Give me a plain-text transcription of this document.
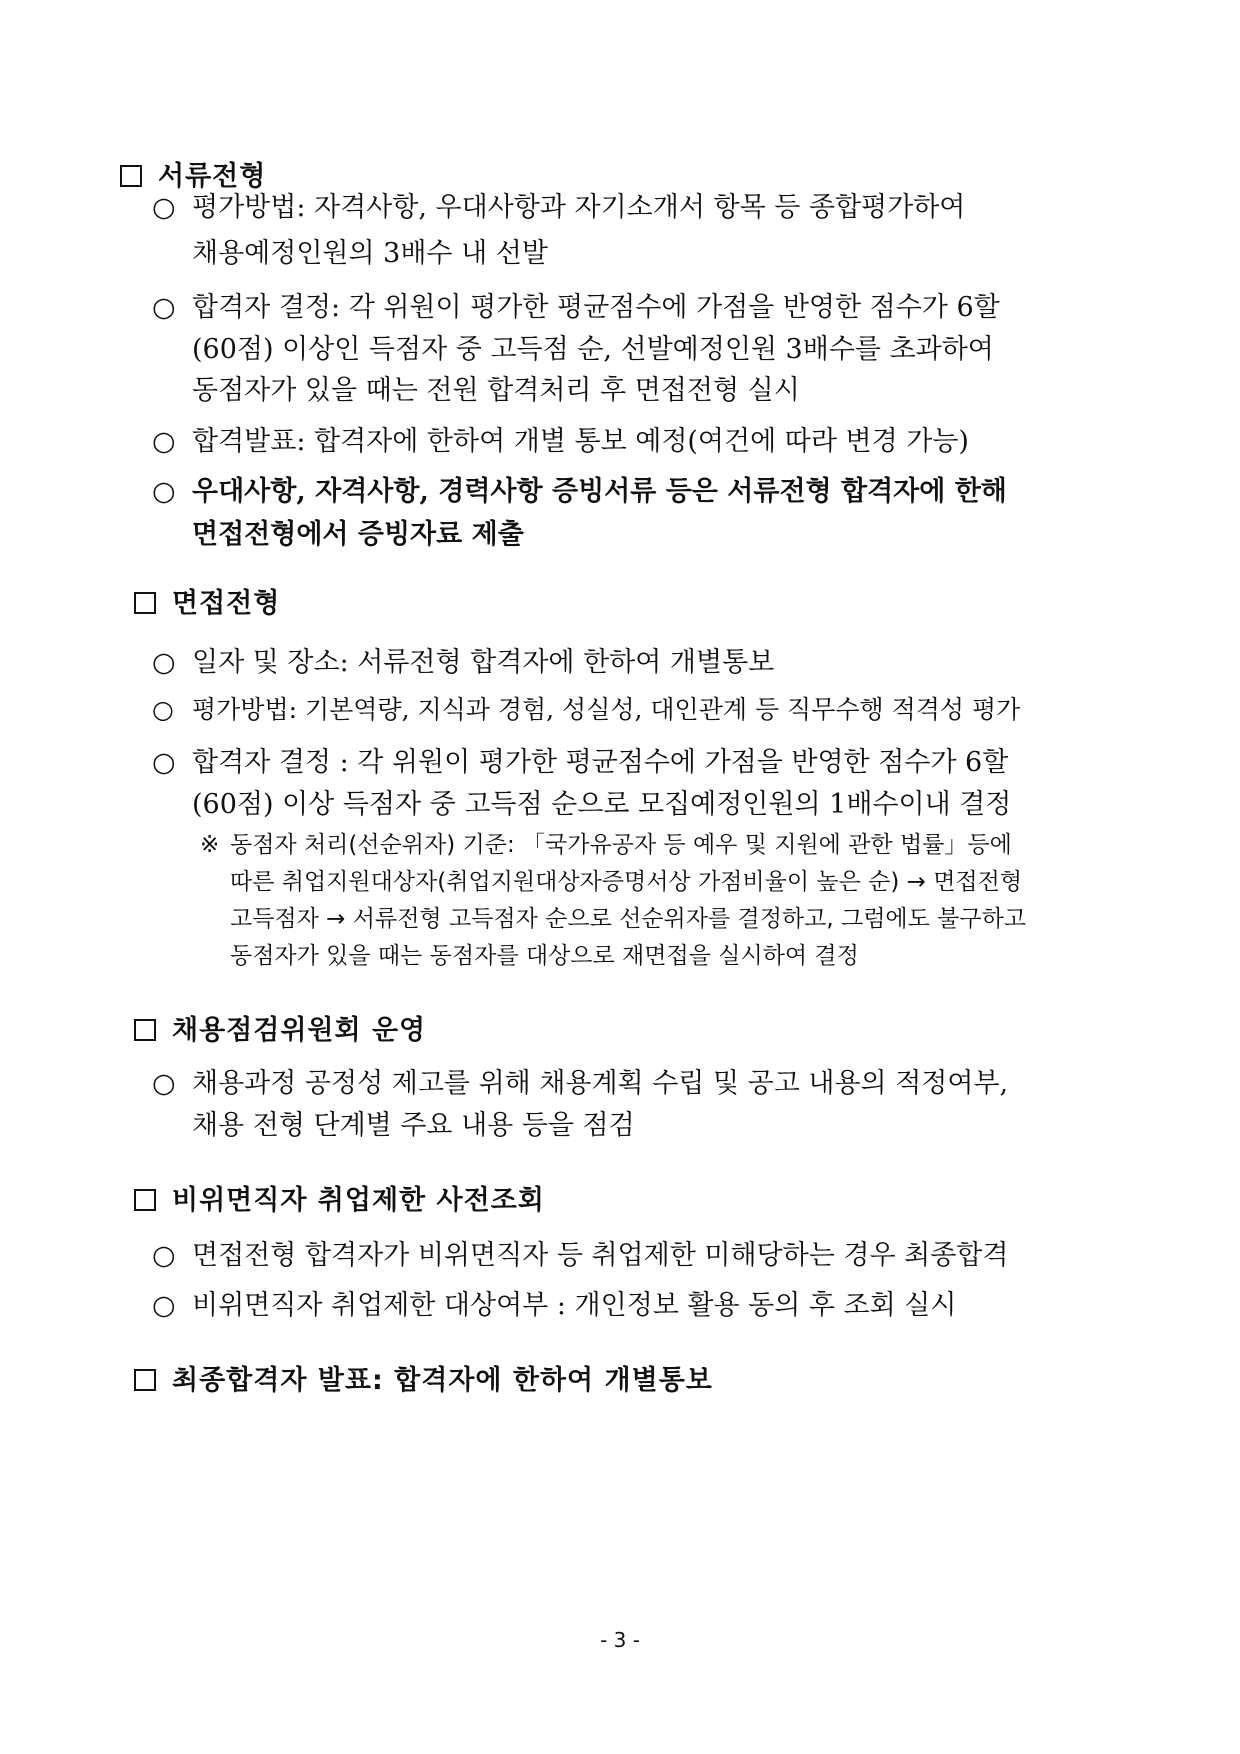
서류전형
○ 평가방법: 자격사항, 우대사항과 자기소개서 항목 등 종합평가하여
채용예정인원의 3배수 내 선발
○ 합격자 결정: 각 위원이 평가한 평균점수에 가점을 반영한 점수가 6할
(60점) 이상인 득점자 중 고득점 순, 선발예정인원 3배수를 초과하여
동점자가 있을 때는 전원 합격처리 후 면접전형 실시
○ 합격발표: 합격자에 한하여 개별 통보 예정(여건에 따라 변경 가능)
○ 우대사항, 자격사항, 경력사항 증빙서류 등은 서류전형 합격자에 한해
면접전형에서 증빙자료 제출
면접전형
○ 일자 및 장소: 서류전형 합격자에 한하여 개별통보
○ 평가방법: 기본역량, 지식과 경험, 성실성, 대인관계 등 직무수행 적격성 평가
○ 합격자 결정 : 각 위원이 평가한 평균점수에 가점을 반영한 점수가 6할
(60점) 이상 득점자 중 고득점 순으로 모집예정인원의 1배수이내 결정
※ 동점자 처리(선순위자) 기준: 「국가유공자 등 예우 및 지원에 관한 법률」등에
따른 취업지원대상자(취업지원대상자증명서상 가점비율이 높은 순) → 면접전형
고득점자 → 서류전형 고득점자 순으로 선순위자를 결정하고, 그럼에도 불구하고
동점자가 있을 때는 동점자를 대상으로 재면접을 실시하여 결정
채용점검위원회 운영
○ 채용과정 공정성 제고를 위해 채용계획 수립 및 공고 내용의 적정여부,
채용 전형 단계별 주요 내용 등을 점검
비위면직자 취업제한 사전조회
○ 면접전형 합격자가 비위면직자 등 취업제한 미해당하는 경우 최종합격
○ 비위면직자 취업제한 대상여부 : 개인정보 활용 동의 후 조회 실시
최종합격자 발표: 합격자에 한하여 개별통보
- 3 -
